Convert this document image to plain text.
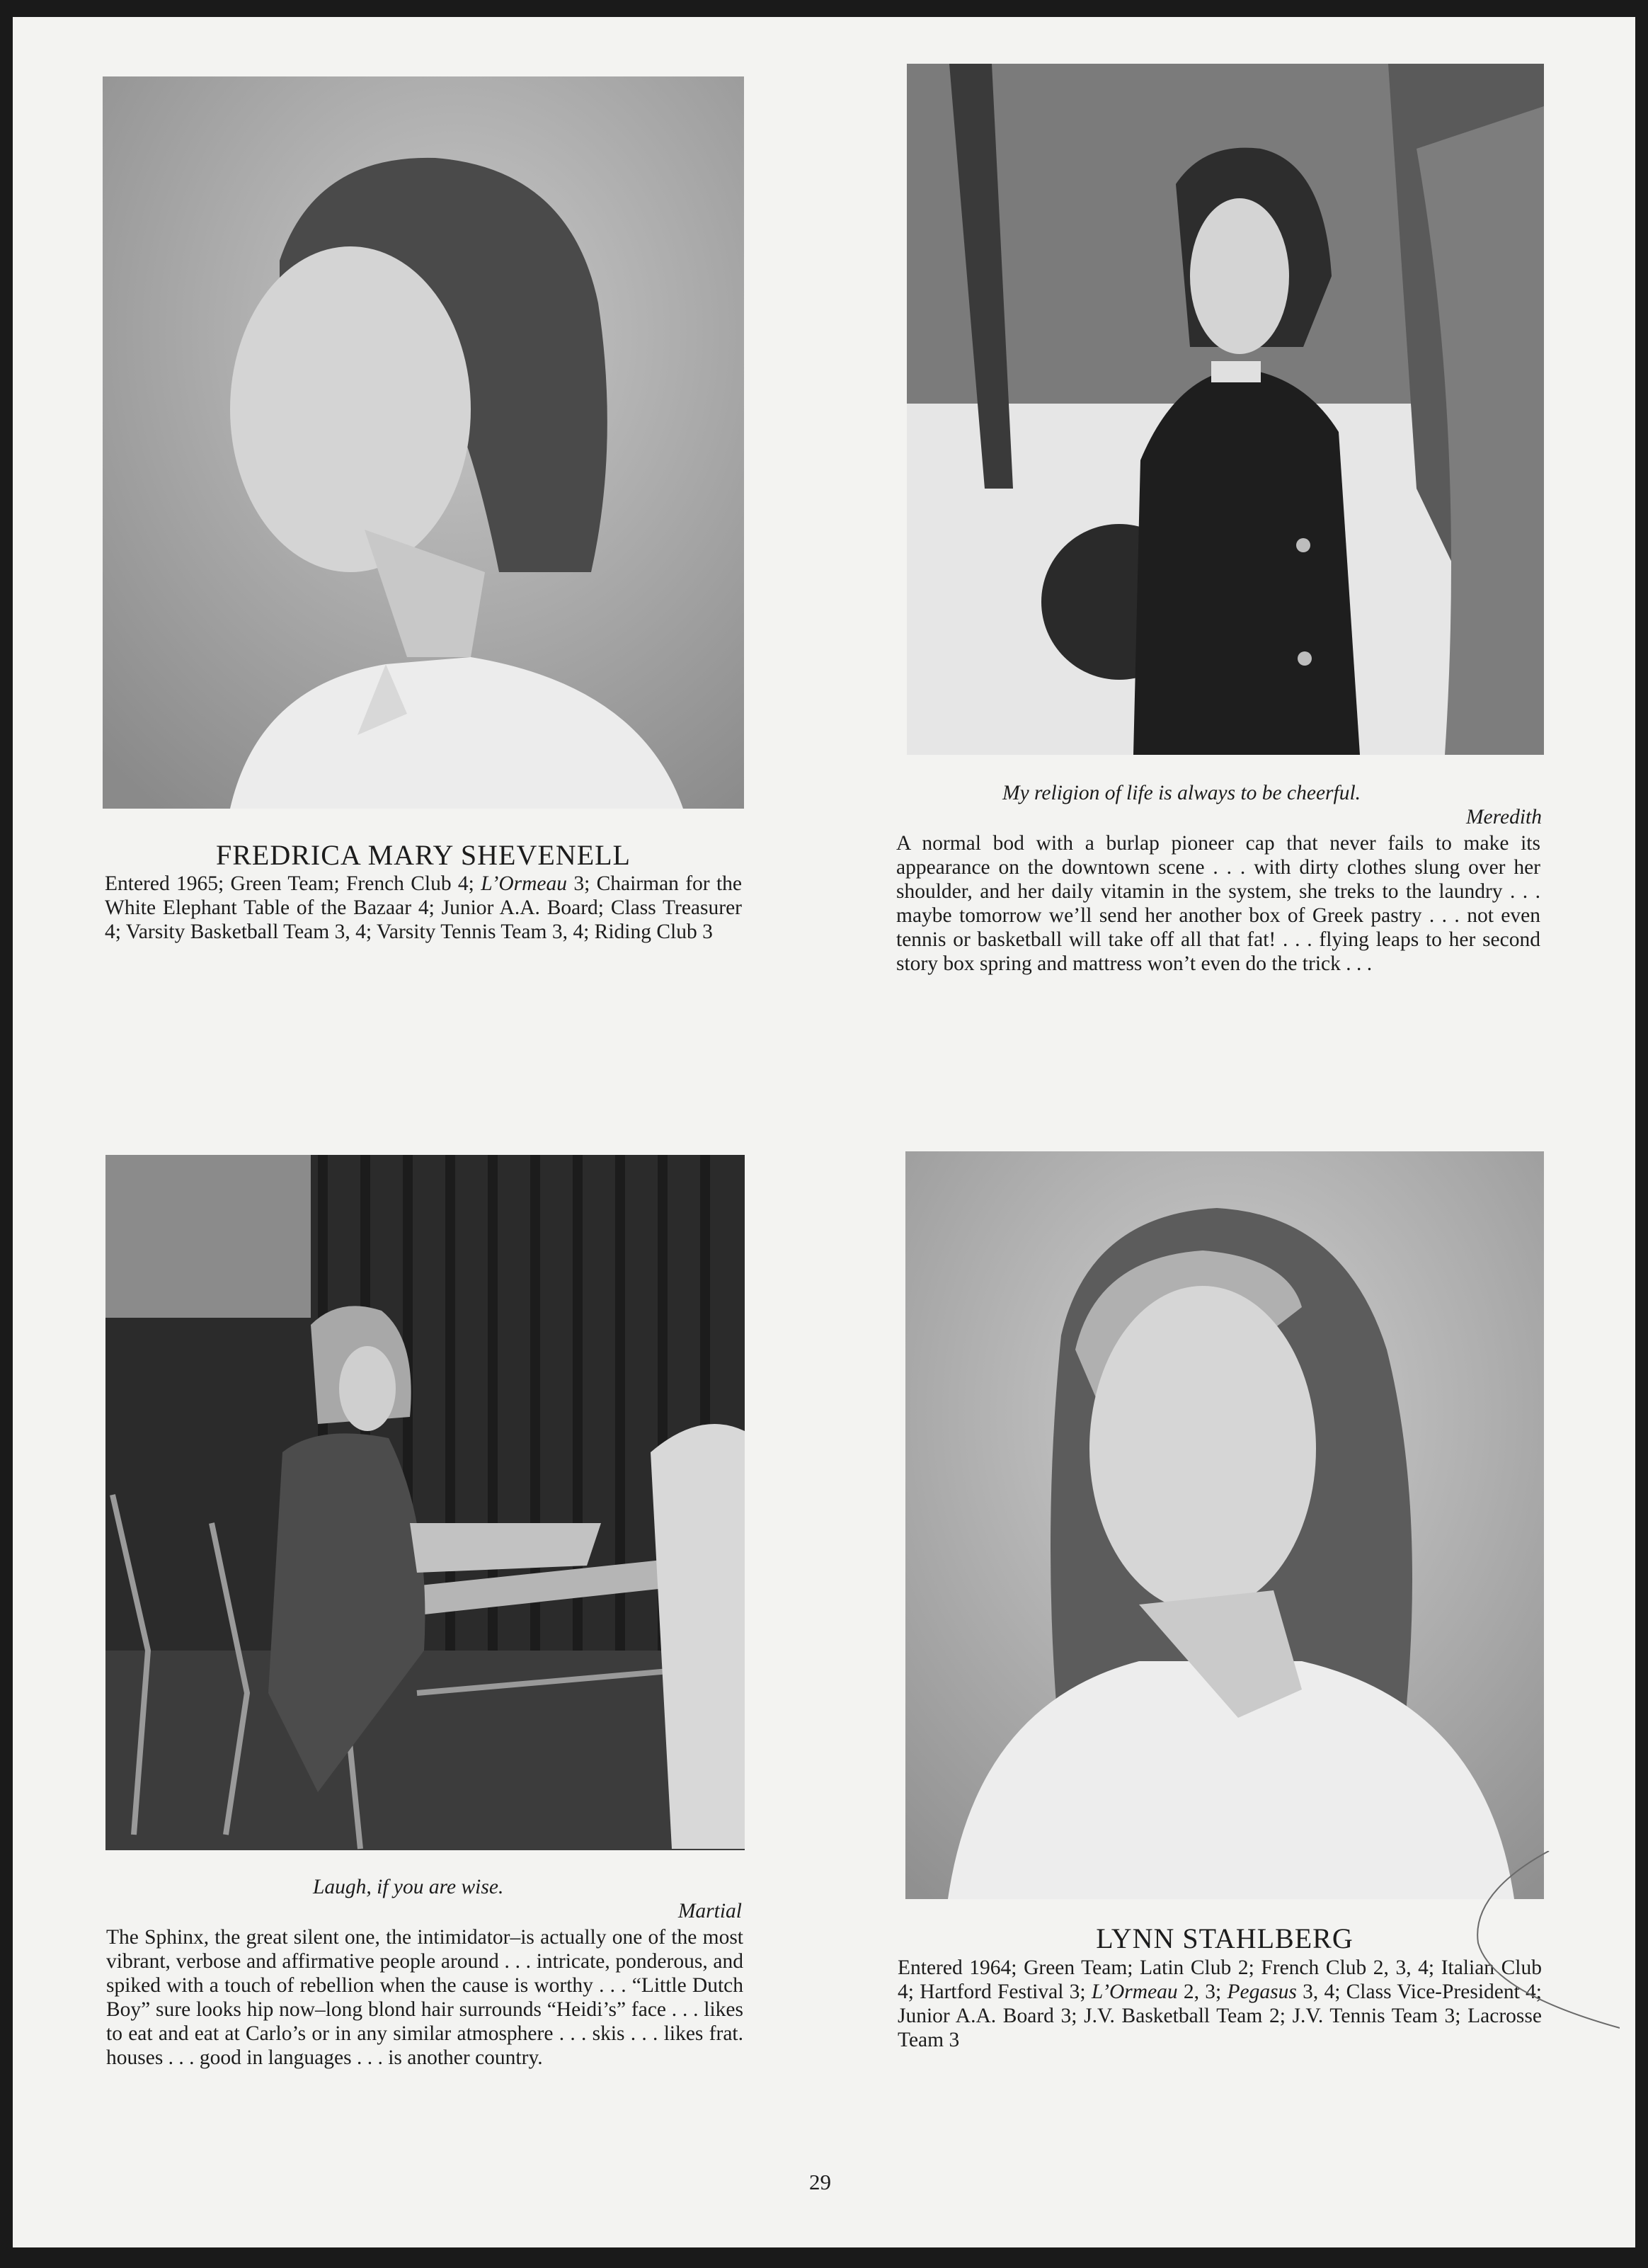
FREDRICA MARY SHEVENELL
Entered 1965; Green Team; French Club 4; L’Ormeau 3; Chairman for the White Elephant Table of the Bazaar 4; Junior A.A. Board; Class Treasurer 4; Varsity Basketball Team 3, 4; Varsity Tennis Team 3, 4; Riding Club 3
My religion of life is always to be cheerful.
Meredith
A normal bod with a burlap pioneer cap that never fails to make its appearance on the downtown scene . . . with dirty clothes slung over her shoulder, and her daily vitamin in the system, she treks to the laundry . . . maybe tomorrow we’ll send her another box of Greek pastry . . . not even tennis or basketball will take off all that fat! . . . flying leaps to her second story box spring and mattress won’t even do the trick . . .
Laugh, if you are wise.
Martial
The Sphinx, the great silent one, the intimidator–is actually one of the most vibrant, verbose and affirmative people around . . . intricate, ponderous, and spiked with a touch of rebellion when the cause is worthy . . . “Little Dutch Boy” sure looks hip now–long blond hair surrounds “Heidi’s” face . . . likes to eat and eat at Carlo’s or in any similar atmosphere . . . skis . . . likes frat. houses . . . good in languages . . . is another country.
LYNN STAHLBERG
Entered 1964; Green Team; Latin Club 2; French Club 2, 3, 4; Italian Club 4; Hartford Festival 3; L’Ormeau 2, 3; Pegasus 3, 4; Class Vice-President 4; Junior A.A. Board 3; J.V. Basketball Team 2; J.V. Tennis Team 3; Lacrosse Team 3
29
